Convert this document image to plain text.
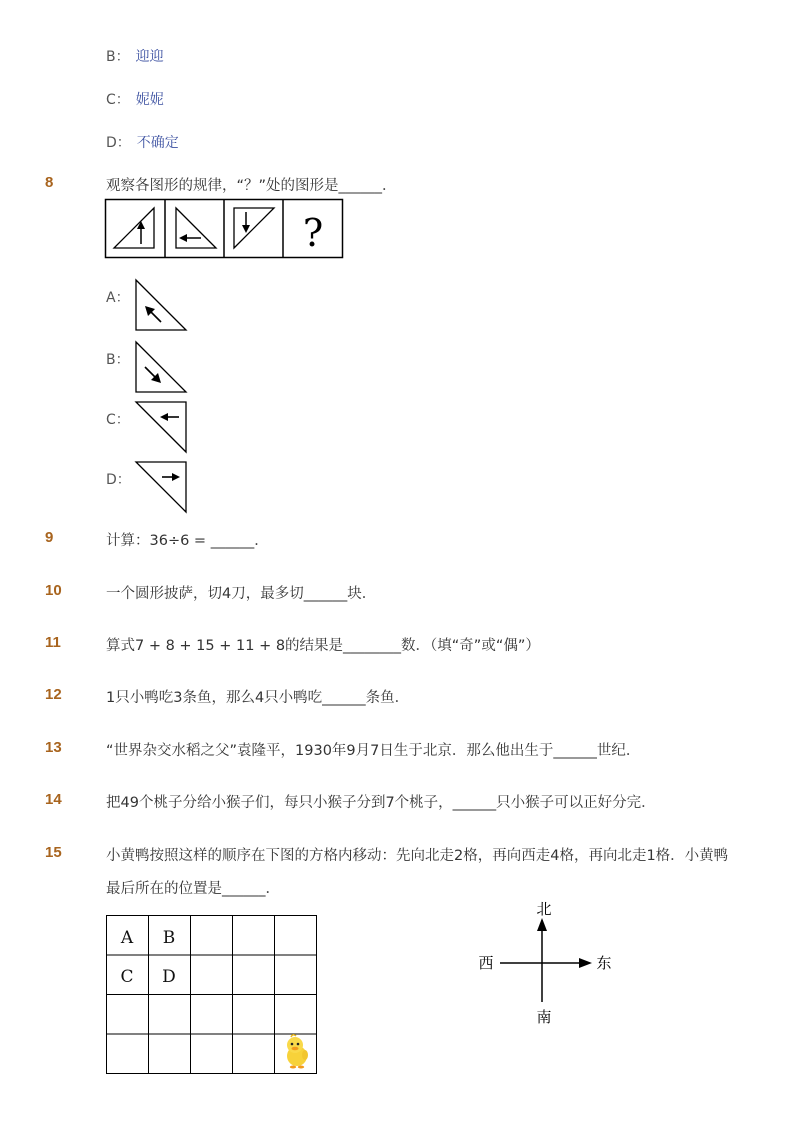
B： 迎迎
C： 妮妮
D： 不确定
8	观察各图形的规律，“？”处的图形是______．
?
A：
B：
C：
D：
9	计算：36÷6 = ______．
10	一个圆形披萨，切4刀，最多切______块．
11	算式7 + 8 + 15 + 11 + 8的结果是________数．（填“奇”或“偶”）
12	1只小鸭吃3条鱼，那么4只小鸭吃______条鱼．
13	“世界杂交水稻之父”袁隆平，1930年9月7日生于北京．那么他出生于______世纪．
14	把49个桃子分给小猴子们，每只小猴子分到7个桃子，______只小猴子可以正好分完．
15	小黄鸭按照这样的顺序在下图的方格内移动：先向北走2格，再向西走4格，再向北走1格．小黄鸭
最后所在的位置是______．
A B
C D
北
南
西	东
